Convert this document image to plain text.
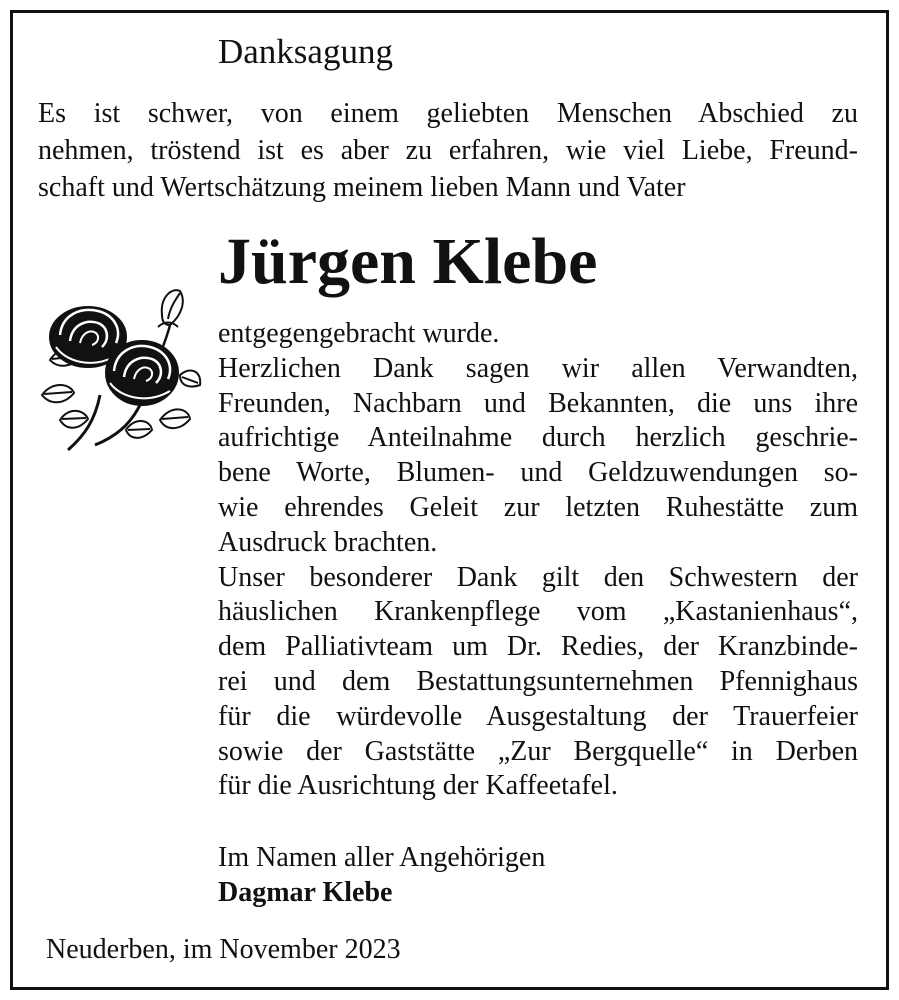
Danksagung
Es ist schwer, von einem geliebten Menschen Abschied zu
nehmen, tröstend ist es aber zu erfahren, wie viel Liebe, Freund-
schaft und Wertschätzung meinem lieben Mann und Vater
Jürgen Klebe
entgegengebracht wurde.
Herzlichen Dank sagen wir allen Verwandten,
Freunden, Nachbarn und Bekannten, die uns ihre
aufrichtige Anteilnahme durch herzlich geschrie-
bene Worte, Blumen- und Geldzuwendungen so-
wie ehrendes Geleit zur letzten Ruhestätte zum
Ausdruck brachten.
Unser besonderer Dank gilt den Schwestern der
häuslichen Krankenpflege vom „Kastanienhaus“,
dem Palliativteam um Dr. Redies, der Kranzbinde-
rei und dem Bestattungsunternehmen Pfennighaus
für die würdevolle Ausgestaltung der Trauerfeier
sowie der Gaststätte „Zur Bergquelle“ in Derben
für die Ausrichtung der Kaffeetafel.
Im Namen aller Angehörigen
Dagmar Klebe
Neuderben, im November 2023
